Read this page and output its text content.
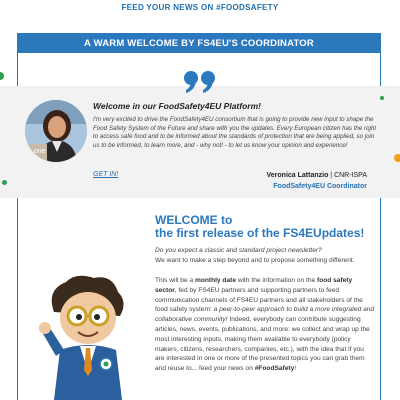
FEED YOUR NEWS ON #FOODSAFETY
A WARM WELCOME BY FS4EU'S COORDINATOR
one
Welcome in our FoodSafety4EU Platform!
I'm very excited to drive the FoodSafety4EU consortium that is going to provide new input to shape the Food Safety System of the Future and share with you the updates. Every European citizen has the right to access safe food and to be informed about the standards of protection that are being applied, so join us to be informed, to learn more, and - why not! - to let us know your opinion and experience!
GET IN!	Veronica Lattanzio | CNR-ISPA
FoodSafety4EU Coordinator
WELCOME to
the first release of the FS4EUpdates!
Do you expect a classic and standard project newsletter?
We want to make a step beyond and to propose something different.
This will be a monthly date with the information on the food safety sector, fed by FS4EU partners and supporting partners to feed communication channels of FS4EU partners and all stakeholders of the food safety system: a peer-to-peer approach to build a more integrated and collaborative community! Indeed, everybody can contribute suggesting articles, news, events, publications, and more: we collect and wrap up the most interesting inputs, making them available to everybody (policy makers, citizens, researchers, companies, etc.), with the idea that if you are interested in one or more of the presented topics you can grab them and reuse to... feed your news on #FoodSafety!
